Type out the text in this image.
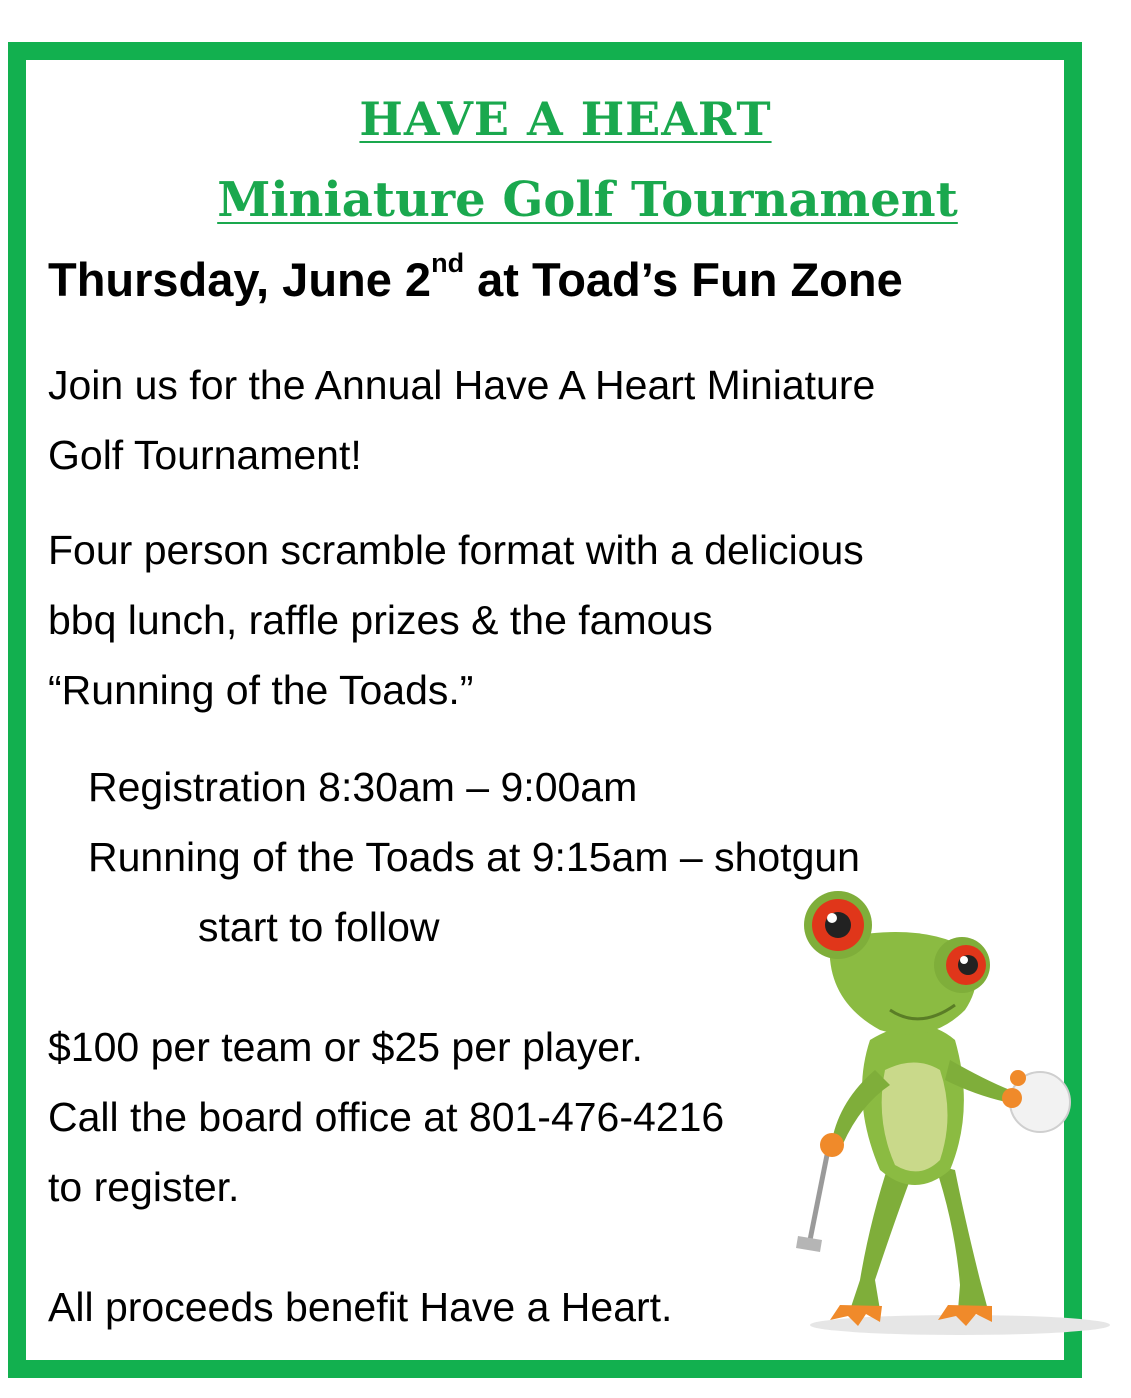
HAVE A HEART
Miniature Golf Tournament
Thursday, June 2nd at Toad’s Fun Zone
Join us for the Annual Have A Heart Miniature
Golf Tournament!
Four person scramble format with a delicious
bbq lunch, raffle prizes & the famous
“Running of the Toads.”
Registration 8:30am – 9:00am
Running of the Toads at 9:15am – shotgun
start to follow
$100 per team or $25 per player.
Call the board office at 801-476-4216
to register.
All proceeds benefit Have a Heart.
